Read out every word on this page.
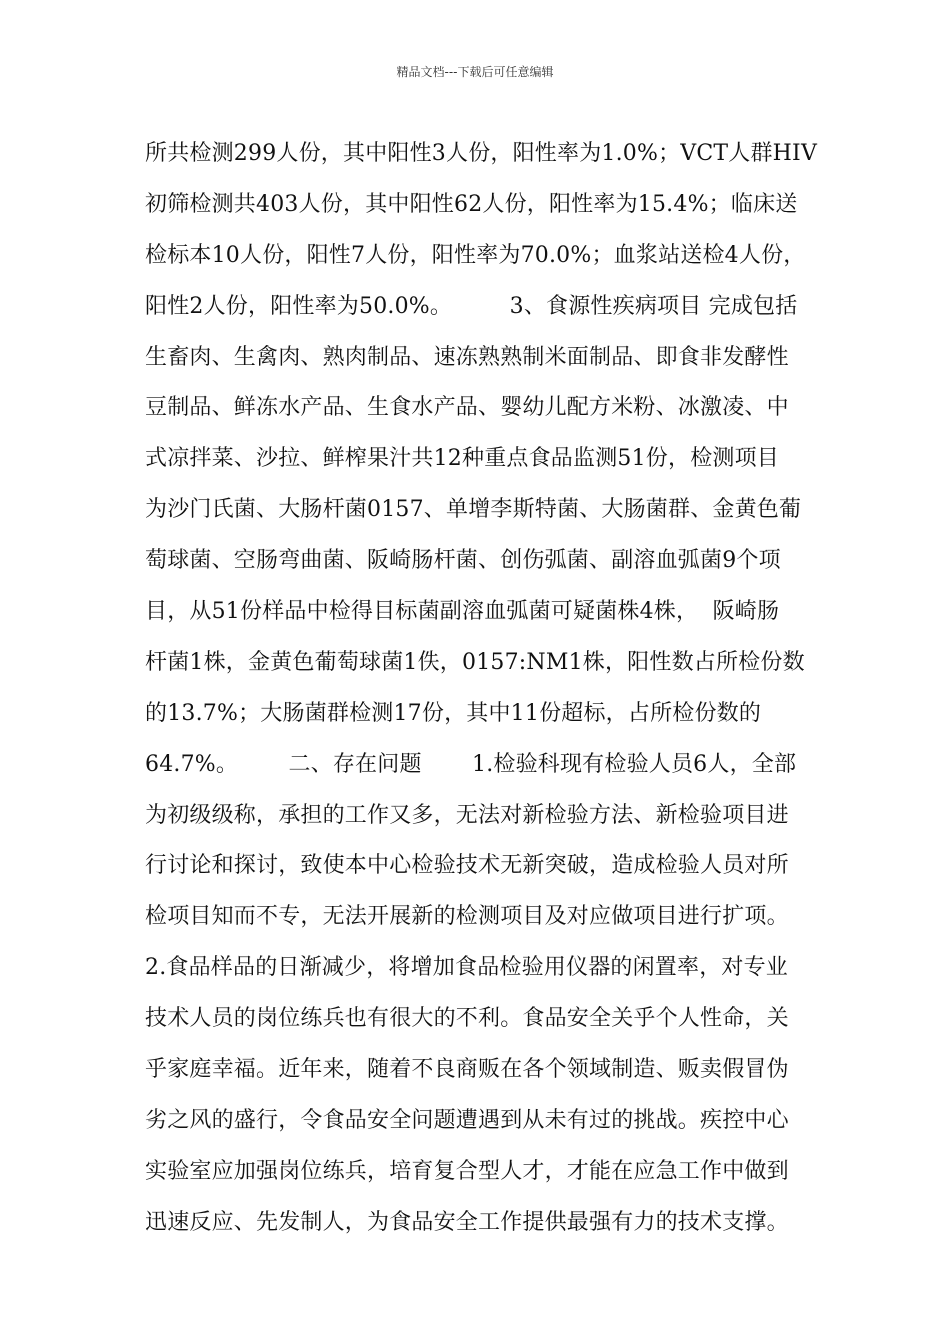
精品文档---下载后可任意编辑
所共检测299人份，其中阳性3人份，阳性率为1.0%；VCT人群HIV
初筛检测共403人份，其中阳性62人份，阳性率为15.4%；临床送
检标本10人份，阳性7人份，阳性率为70.0%；血浆站送检4人份，
阳性2人份，阳性率为50.0%。        3、食源性疾病项目 完成包括
生畜肉、生禽肉、熟肉制品、速冻熟熟制米面制品、即食非发酵性
豆制品、鲜冻水产品、生食水产品、婴幼儿配方米粉、冰激凌、中
式凉拌菜、沙拉、鲜榨果汁共12种重点食品监测51份，检测项目
为沙门氏菌、大肠杆菌0157、单增李斯特菌、大肠菌群、金黄色葡
萄球菌、空肠弯曲菌、阪崎肠杆菌、创伤弧菌、副溶血弧菌9个项
目，从51份样品中检得目标菌副溶血弧菌可疑菌株4株，  阪崎肠
杆菌1株，金黄色葡萄球菌1佚，0157:NM1株，阳性数占所检份数
的13.7%；大肠菌群检测17份，其中11份超标，占所检份数的
64.7%。       二、存在问题       1.检验科现有检验人员6人，全部
为初级级称，承担的工作又多，无法对新检验方法、新检验项目进
行讨论和探讨，致使本中心检验技术无新突破，造成检验人员对所
检项目知而不专，无法开展新的检测项目及对应做项目进行扩项。
2.食品样品的日渐减少，将增加食品检验用仪器的闲置率，对专业
技术人员的岗位练兵也有很大的不利。食品安全关乎个人性命，关
乎家庭幸福。近年来，随着不良商贩在各个领域制造、贩卖假冒伪
劣之风的盛行，令食品安全问题遭遇到从未有过的挑战。疾控中心
实验室应加强岗位练兵，培育复合型人才，才能在应急工作中做到
迅速反应、先发制人，为食品安全工作提供最强有力的技术支撑。
